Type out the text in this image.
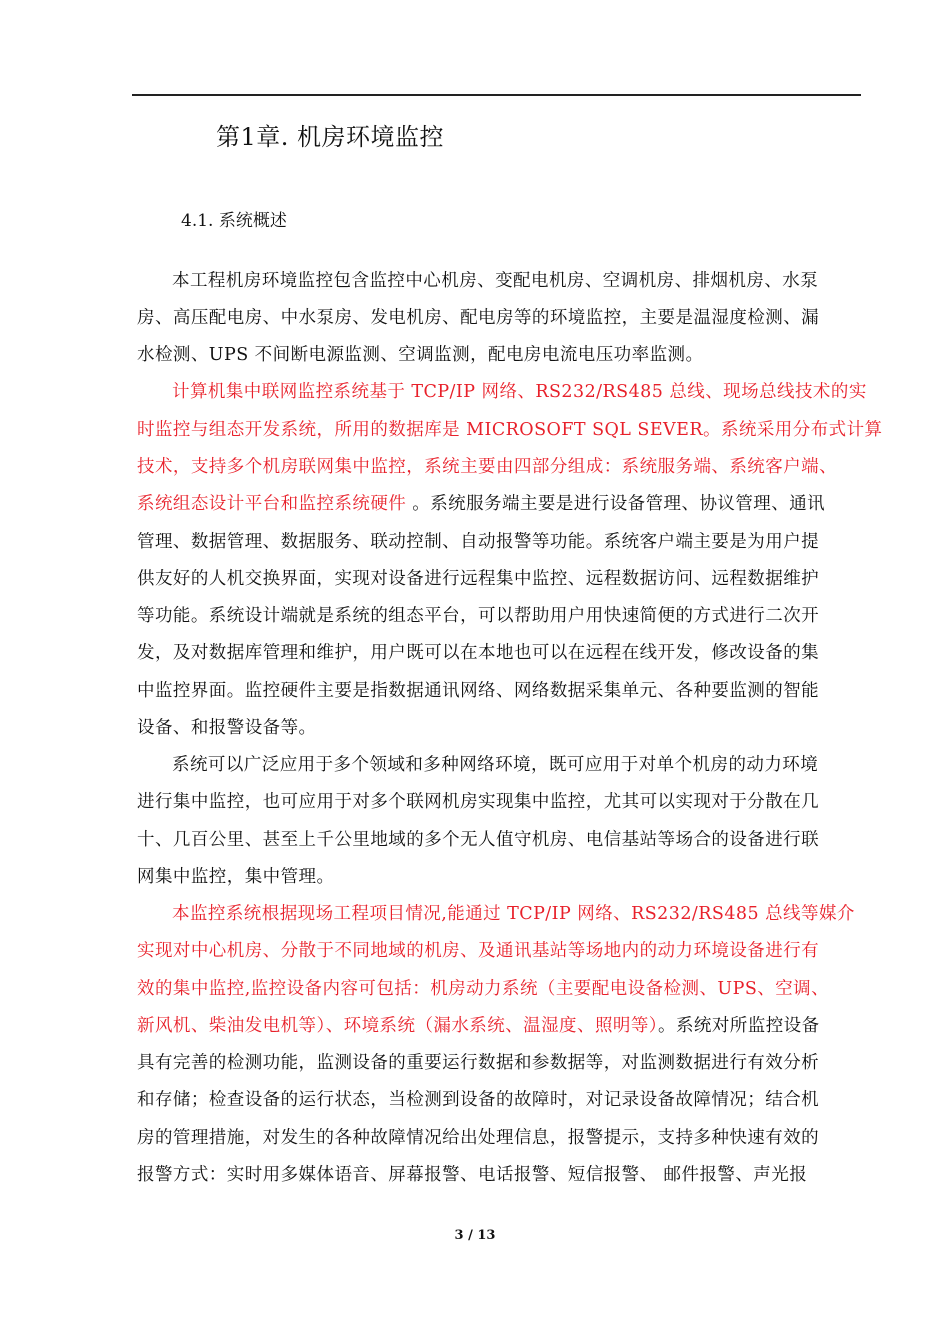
第1章. 机房环境监控
4.1. 系统概述
本工程机房环境监控包含监控中心机房、变配电机房、空调机房、排烟机房、水泵
房、高压配电房、中水泵房、发电机房、配电房等的环境监控，主要是温湿度检测、漏
水检测、UPS 不间断电源监测、空调监测，配电房电流电压功率监测。
计算机集中联网监控系统基于 TCP/IP 网络、RS232/RS485 总线、现场总线技术的实
时监控与组态开发系统，所用的数据库是 MICROSOFT SQL SEVER。系统采用分布式计算
技术，支持多个机房联网集中监控，系统主要由四部分组成：系统服务端、系统客户端、
系统组态设计平台和监控系统硬件 。系统服务端主要是进行设备管理、协议管理、通讯
管理、数据管理、数据服务、联动控制、自动报警等功能。系统客户端主要是为用户提
供友好的人机交换界面，实现对设备进行远程集中监控、远程数据访问、远程数据维护
等功能。系统设计端就是系统的组态平台，可以帮助用户用快速简便的方式进行二次开
发，及对数据库管理和维护，用户既可以在本地也可以在远程在线开发，修改设备的集
中监控界面。监控硬件主要是指数据通讯网络、网络数据采集单元、各种要监测的智能
设备、和报警设备等。
系统可以广泛应用于多个领域和多种网络环境，既可应用于对单个机房的动力环境
进行集中监控，也可应用于对多个联网机房实现集中监控，尤其可以实现对于分散在几
十、几百公里、甚至上千公里地域的多个无人值守机房、电信基站等场合的设备进行联
网集中监控，集中管理。
本监控系统根据现场工程项目情况,能通过 TCP/IP 网络、RS232/RS485 总线等媒介
实现对中心机房、分散于不同地域的机房、及通讯基站等场地内的动力环境设备进行有
效的集中监控,监控设备内容可包括：机房动力系统（主要配电设备检测、UPS、空调、
新风机、柴油发电机等）、环境系统（漏水系统、温湿度、照明等）。系统对所监控设备
具有完善的检测功能，监测设备的重要运行数据和参数据等，对监测数据进行有效分析
和存储；检查设备的运行状态，当检测到设备的故障时，对记录设备故障情况；结合机
房的管理措施，对发生的各种故障情况给出处理信息，报警提示，支持多种快速有效的
报警方式：实时用多媒体语音、屏幕报警、电话报警、短信报警、 邮件报警、声光报
3 / 13
